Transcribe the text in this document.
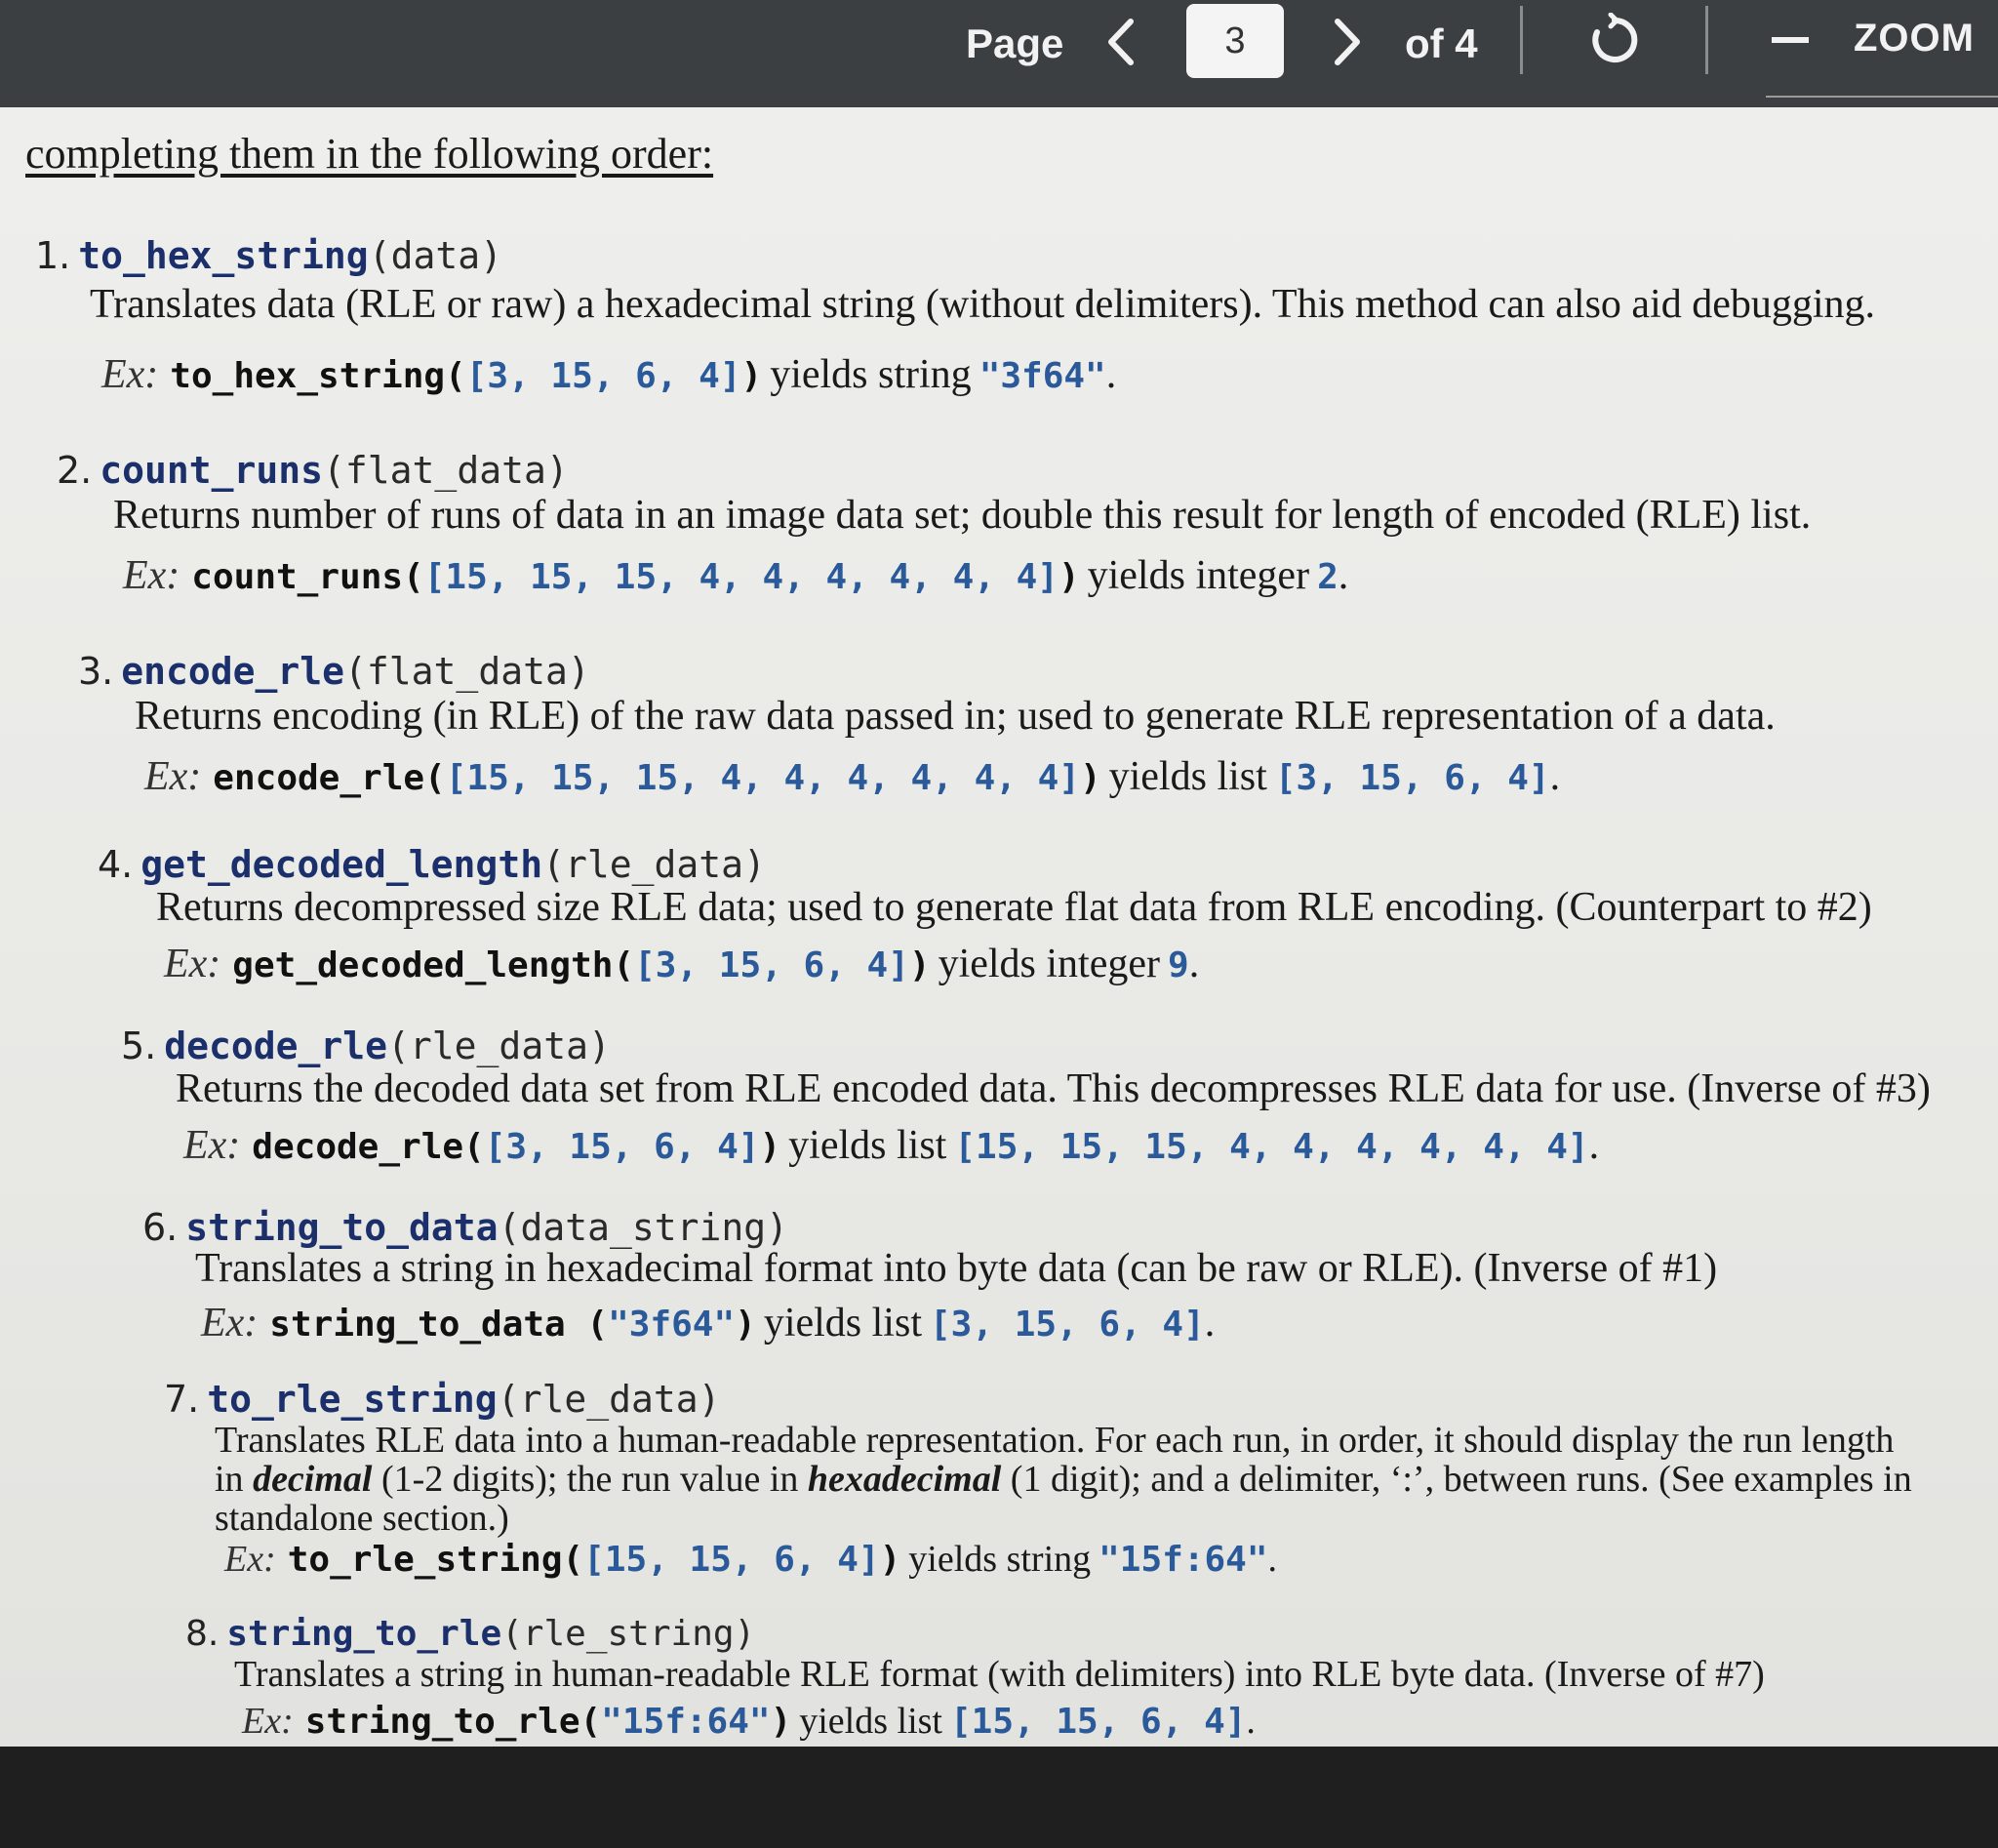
Page	3	of 4	ZOOM
completing them in the following order:
1. to_hex_string(data)
Translates data (RLE or raw) a hexadecimal string (without delimiters). This method can also aid debugging.
Ex: to_hex_string([3, 15, 6, 4]) yields string "3f64".
2. count_runs(flat_data)
Returns number of runs of data in an image data set; double this result for length of encoded (RLE) list.
Ex: count_runs([15, 15, 15, 4, 4, 4, 4, 4, 4]) yields integer 2.
3. encode_rle(flat_data)
Returns encoding (in RLE) of the raw data passed in; used to generate RLE representation of a data.
Ex: encode_rle([15, 15, 15, 4, 4, 4, 4, 4, 4]) yields list [3, 15, 6, 4].
4. get_decoded_length(rle_data)
Returns decompressed size RLE data; used to generate flat data from RLE encoding. (Counterpart to #2)
Ex: get_decoded_length([3, 15, 6, 4]) yields integer 9.
5. decode_rle(rle_data)
Returns the decoded data set from RLE encoded data. This decompresses RLE data for use. (Inverse of #3)
Ex: decode_rle([3, 15, 6, 4]) yields list [15, 15, 15, 4, 4, 4, 4, 4, 4].
6. string_to_data(data_string)
Translates a string in hexadecimal format into byte data (can be raw or RLE). (Inverse of #1)
Ex: string_to_data ("3f64") yields list [3, 15, 6, 4].
7. to_rle_string(rle_data)
Translates RLE data into a human-readable representation. For each run, in order, it should display the run length in decimal (1-2 digits); the run value in hexadecimal (1 digit); and a delimiter, ‘:’, between runs. (See examples in standalone section.)
Ex: to_rle_string([15, 15, 6, 4]) yields string "15f:64".
8. string_to_rle(rle_string)
Translates a string in human-readable RLE format (with delimiters) into RLE byte data. (Inverse of #7)
Ex: string_to_rle("15f:64") yields list [15, 15, 6, 4].
